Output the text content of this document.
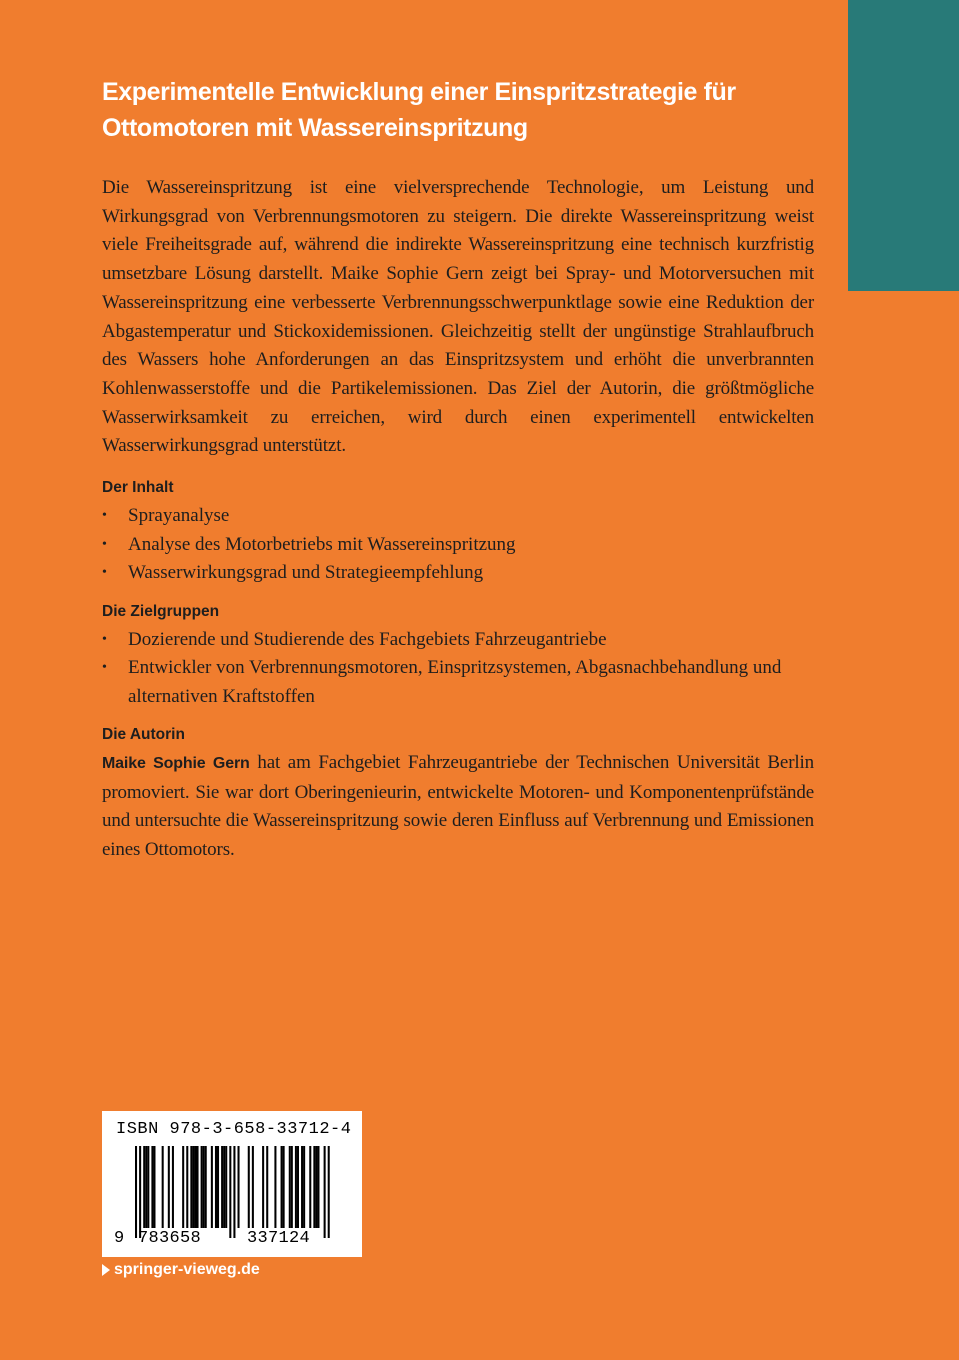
Experimentelle Entwicklung einer Einspritzstrategie für
Ottomotoren mit Wassereinspritzung

Die Wassereinspritzung ist eine vielversprechende Technologie, um Leistung und Wirkungsgrad von Verbrennungsmotoren zu steigern. Die direkte Wassereinspritzung weist viele Freiheitsgrade auf, während die indirekte Wassereinspritzung eine technisch kurzfristig umsetzbare Lösung darstellt. Maike Sophie Gern zeigt bei Spray- und Motorversuchen mit Wassereinspritzung eine verbesserte Verbrennungsschwerpunktlage sowie eine Reduktion der Abgastemperatur und Stickoxidemissionen. Gleichzeitig stellt der ungünstige Strahlaufbruch des Wassers hohe Anforderungen an das Einspritzsystem und erhöht die unverbrannten Kohlenwasserstoffe und die Partikelemissionen. Das Ziel der Autorin, die größtmögliche Wasserwirksamkeit zu erreichen, wird durch einen experimentell entwickelten Wasserwirkungsgrad unterstützt.

Der Inhalt
• Sprayanalyse
• Analyse des Motorbetriebs mit Wassereinspritzung
• Wasserwirkungsgrad und Strategieempfehlung
Die Zielgruppen
• Dozierende und Studierende des Fachgebiets Fahrzeugantriebe
• Entwickler von Verbrennungsmotoren, Einspritzsystemen, Abgasnachbehandlung und alternativen Kraftstoffen
Die Autorin

Maike Sophie Gern hat am Fachgebiet Fahrzeugantriebe der Technischen Universität Berlin promoviert. Sie war dort Oberingenieurin, entwickelte Motoren- und Komponentenprüfstände und untersuchte die Wassereinspritzung sowie deren Einfluss auf Verbrennung und Emissionen eines Ottomotors.

ISBN 978-3-658-33712-4
9 783658	337124
springer-vieweg.de
